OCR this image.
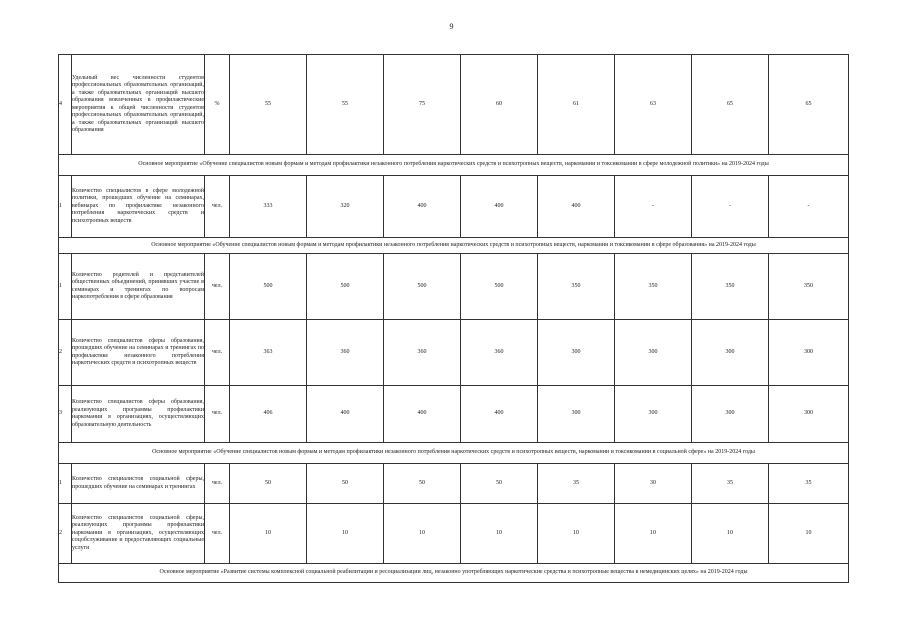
9
4	Удельный вес численности студентов профессиональных образовательных организаций, а также образовательных организаций высшего образования вовлеченных в профилактические мероприятия к общей численности студентов профессиональных образовательных организаций, а также образовательных организаций высшего образования	%	55	55	75	60	61	63	65	65
Основное мероприятие «Обучение специалистов новым формам и методам профилактики незаконного потребления наркотических средств и психотропных веществ, наркомании и токсикомании в сфере молодежной политики» на 2019-2024 годы										
1	Количество специалистов в сфере молодежной политики, прошедших обучение на семинарах, вебинарах по профилактике незаконного потребления наркотических средств и психотропных веществ	чел.	333	320	400	400	400	-	-	-
Основное мероприятие «Обучение специалистов новым формам и методам профилактики незаконного потребления наркотических средств и психотропных веществ, наркомании и токсикомании в сфере образования» на 2019-2024 годы										
1	Количество родителей и представителей общественных объединений, принявших участие в семинарах и тренингах по вопросам наркопотребления в сфере образования	чел.	500	500	500	500	350	350	350	350
2	Количество специалистов сферы образования, прошедших обучение на семинарах и тренингах по профилактике незаконного потребления наркотических средств и психотропных веществ	чел.	363	360	360	360	300	300	300	300
3	Количество специалистов сферы образования, реализующих программы профилактики наркомании в организациях, осуществляющих образовательную деятельность	чел.	406	400	400	400	300	300	300	300
Основное мероприятие «Обучение специалистов новым формам и методам профилактики незаконного потребления наркотических средств и психотропных веществ, наркомании и токсикомании в социальной сфере» на 2019-2024 годы										
1	Количество специалистов социальной сферы, прошедших обучение на семинарах и тренингах	чел.	50	50	50	50	35	30	35	35
2	Количество специалистов социальной сферы, реализующих программы профилактики наркомании в организациях, осуществляющих соцобслуживание и предоставляющих социальные услуги	чел.	10	10	10	10	10	10	10	10
Основное мероприятие «Развитие системы комплексной социальной реабилитации и ресоциализации лиц, незаконно употребляющих наркотические средства и психотропные вещества в немедицинских целях» на 2019-2024 годы										
